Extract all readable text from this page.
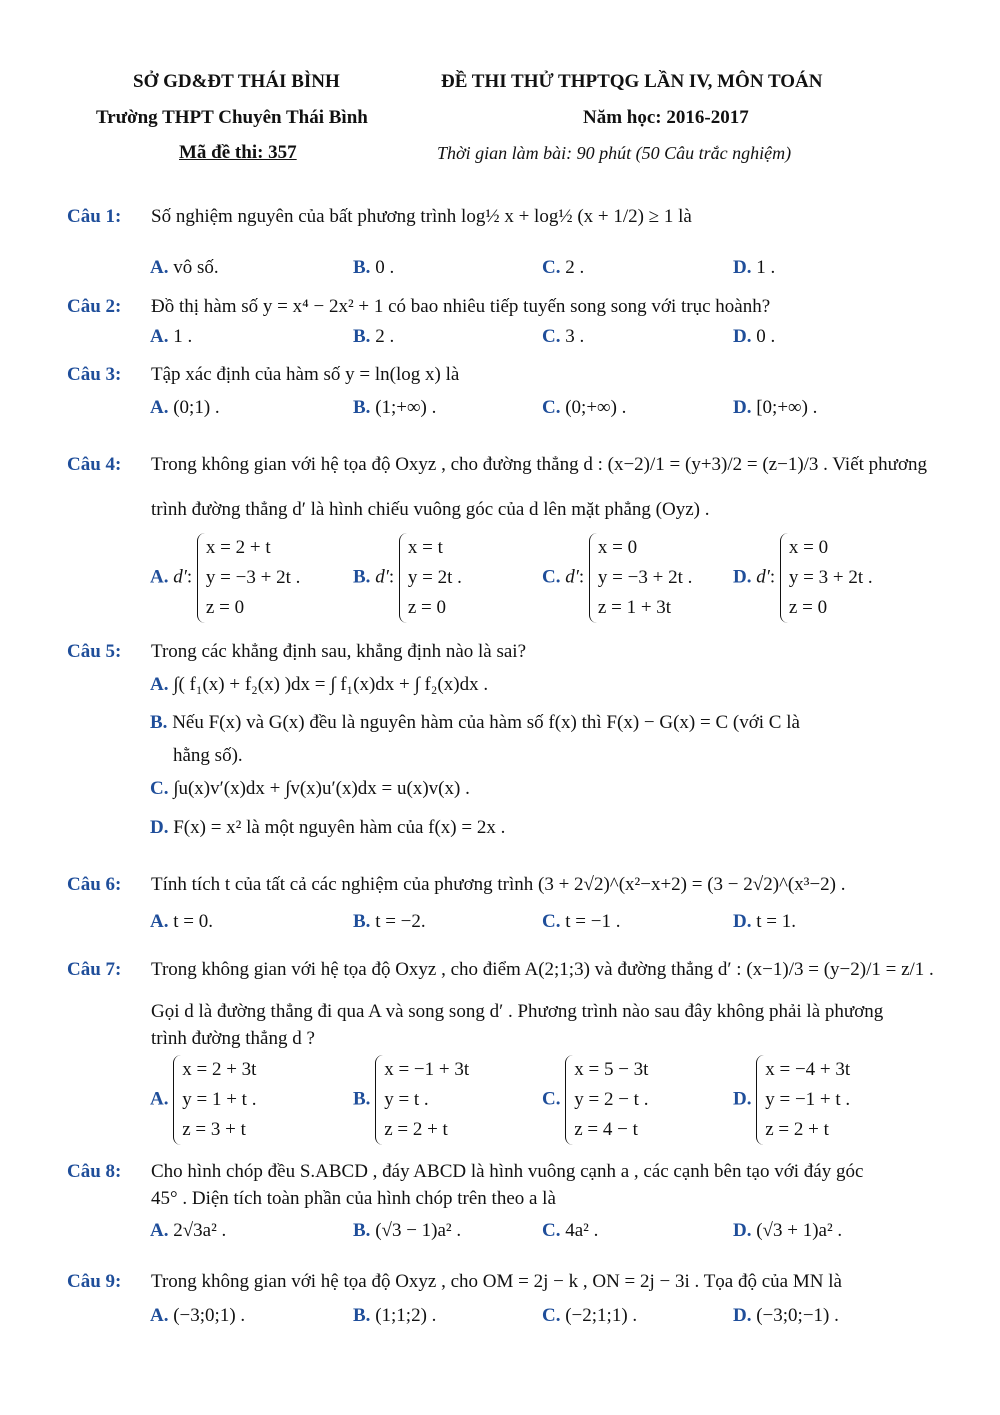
SỞ GD&ĐT THÁI BÌNH
Trường THPT Chuyên Thái Bình
Mã đề thi: 357
ĐỀ THI THỬ THPTQG LẦN IV, MÔN TOÁN
Năm học: 2016-2017
Thời gian làm bài: 90 phút (50 Câu trắc nghiệm)
Câu 1: Số nghiệm nguyên của bất phương trình log½ x + log½ (x + 1/2) ≥ 1 là
A. vô số.	B. 0 .	C. 2 .	D. 1 .
Câu 2: Đồ thị hàm số y = x⁴ − 2x² + 1 có bao nhiêu tiếp tuyến song song với trục hoành?
A. 1 .	B. 2 .	C. 3 .	D. 0 .
Câu 3: Tập xác định của hàm số y = ln(log x) là
A. (0;1) .	B. (1;+∞) .	C. (0;+∞) .	D. [0;+∞) .
Câu 4: Trong không gian với hệ tọa độ Oxyz , cho đường thẳng d : (x−2)/1 = (y+3)/2 = (z−1)/3 . Viết phương
trình đường thẳng d′ là hình chiếu vuông góc của d lên mặt phẳng (Oyz) .
A. d′:
x = 2 + t
y = −3 + 2t .
z = 0
B. d′:
x = t
y = 2t .
z = 0
C. d′:
x = 0
y = −3 + 2t .
z = 1 + 3t
D. d′:
x = 0
y = 3 + 2t .
z = 0
Câu 5: Trong các khẳng định sau, khẳng định nào là sai?
A. ∫( f₁(x) + f₂(x) )dx = ∫ f₁(x)dx + ∫ f₂(x)dx .
B. Nếu F(x) và G(x) đều là nguyên hàm của hàm số f(x) thì F(x) − G(x) = C (với C là
hằng số).
C. ∫u(x)v′(x)dx + ∫v(x)u′(x)dx = u(x)v(x) .
D. F(x) = x² là một nguyên hàm của f(x) = 2x .
Câu 6: Tính tích t của tất cả các nghiệm của phương trình (3 + 2√2)^(x²−x+2) = (3 − 2√2)^(x³−2) .
A. t = 0.	B. t = −2.	C. t = −1 .	D. t = 1.
Câu 7: Trong không gian với hệ tọa độ Oxyz , cho điểm A(2;1;3) và đường thẳng d′ : (x−1)/3 = (y−2)/1 = z/1 .
Gọi d là đường thẳng đi qua A và song song d′ . Phương trình nào sau đây không phải là phương
trình đường thẳng d ?
A.
x = 2 + 3t
y = 1 + t .
z = 3 + t
B.
x = −1 + 3t
y = t .
z = 2 + t
C.
x = 5 − 3t
y = 2 − t .
z = 4 − t
D.
x = −4 + 3t
y = −1 + t .
z = 2 + t
Câu 8: Cho hình chóp đều S.ABCD , đáy ABCD là hình vuông cạnh a , các cạnh bên tạo với đáy góc
45° . Diện tích toàn phần của hình chóp trên theo a là
A. 2√3a² .	B. (√3 − 1)a² .	C. 4a² .	D. (√3 + 1)a² .
Câu 9: Trong không gian với hệ tọa độ Oxyz , cho OM = 2j − k , ON = 2j − 3i . Tọa độ của MN là
A. (−3;0;1) .	B. (1;1;2) .	C. (−2;1;1) .	D. (−3;0;−1) .
